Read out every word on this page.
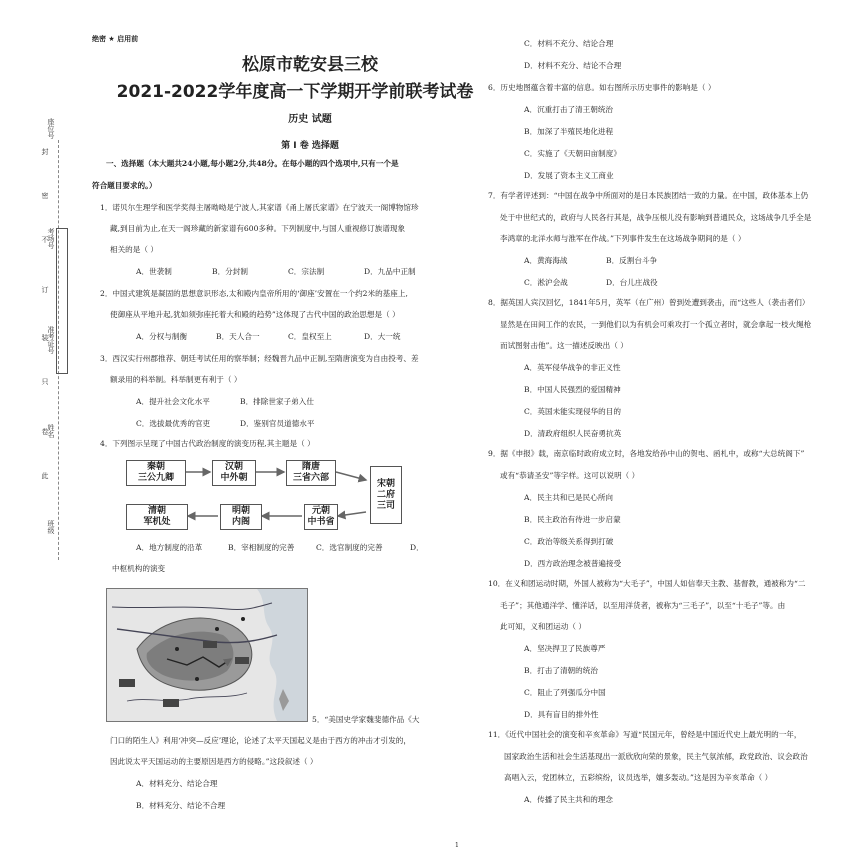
绝密 ★ 启用前
松原市乾安县三校
2021-2022学年度高一下学期开学前联考试卷
历史 试题
第 I 卷 选择题
座位号
考场号
准考证号
姓名
班级
封
密
不
订
装
只
卷
此
一、选择题（本大题共24小题,每小题2分,共48分。在每小题的四个选项中,只有一个是
符合题目要求的。）
1．诺贝尔生理学和医学奖得主屠呦呦是宁波人,其家谱《甬上屠氏家谱》在宁波天一阁博物馆珍
藏,到目前为止,在天一阁珍藏的新家谱有600多种。下列制度中,与国人重视修订族谱现象
相关的是（ ）
A．世袭制	B．分封制	C．宗法制	D．九品中正制
2．中国式建筑是凝固的思想意识形态,太和殿内皇帝所用的‘御座’安置在一个约2米的基座上,
使御座从平地升起,犹如须弥座托着大和殿的趋势”这体现了古代中国的政治思想是（ ）
A．分权与制衡	B．天人合一	C．皇权至上	D．大一统
3．西汉实行州郡推荐、朝廷考试任用的察举制；经魏晋九品中正制,至隋唐演变为自由投考、差
额录用的科举制。科举制更有利于（ ）
A．提升社会文化水平	B．排除世家子弟入仕
C．选拔最优秀的官吏	D．鉴别官员道德水平
4．下列图示呈现了中国古代政治制度的演变历程,其主题是（ ）
秦朝
三公九卿
汉朝
中外朝
隋唐
三省六部
宋朝
二府
三司
元朝
中书省
明朝
内阁
清朝
军机处
A．地方制度的沿革	B．宰相制度的完善	C．选官制度的完善	D．
中枢机构的演变
5．“美国史学家魏斐德作品《大
门口的陌生人》利用‘冲突—反应’理论，论述了太平天国起义是由于西方的冲击才引发的，
因此说太平天国运动的主要原因是西方的侵略。”这段叙述（ ）
A．材料充分、结论合理
B．材料充分、结论不合理
C．材料不充分、结论合理
D．材料不充分、结论不合理
6．历史地图蕴含着丰富的信息。如右图所示历史事件的影响是（ ）
A．沉重打击了清王朝统治
B．加深了半殖民地化进程
C．实施了《天朝田亩制度》
D．发展了资本主义工商业
7．有学者评述到：“中国在战争中所面对的是日本民族团结一致的力量。在中国，政体基本上仍
处于中世纪式的，政府与人民各行其是，战争压根儿没有影响到普通民众，这场战争几乎全是
李鸿章的北洋水师与淮军在作战。”下列事件发生在这场战争期间的是（ ）
A．黄海海战	B．反割台斗争
C．淞沪会战	D．台儿庄战役
8．据英国人宾汉回忆，1841年5月，英军（在广州）曾到处遭到袭击，而“这些人（袭击者们）
显然是在田间工作的农民，一到他们以为有机会可乘攻打一个孤立者时，就会拿起一枝火绳枪
而试图射击他”。这一描述反映出（ ）
A．英军侵华战争的非正义性
B．中国人民强烈的爱国精神
C．英国未能实现侵华的目的
D．清政府组织人民奋勇抗英
9．据《申报》载，南京临时政府成立时，各地发给孙中山的贺电、函札中，或称“大总统阁下”
或有“恭请圣安”等字样。这可以说明（ ）
A．民主共和已是民心所向
B．民主政治有待进一步启蒙
C．政治等级关系得到打破
D．西方政治理念被普遍接受
10．在义和团运动时期，外国人被称为“大毛子”，中国人如信奉天主教、基督教，通被称为“二
毛子”；其他通洋学、懂洋话，以至用洋货者，被称为“三毛子”，以至“十毛子”等。由
此可知，义和团运动（ ）
A．坚决捍卫了民族尊严
B．打击了清朝的统治
C．阻止了列强瓜分中国
D．具有盲目的排外性
11．《近代中国社会的演变和辛亥革命》写道“民国元年，曾经是中国近代史上最光明的一年，
国家政治生活和社会生活基现出一派欣欣向荣的景象，民主气氛浓郁，政党政治、议会政治
高唱入云，党团林立，五彩缤纷，议员选举，嬗多轰动。”这是因为辛亥革命（ ）
A．传播了民主共和的理念
1
